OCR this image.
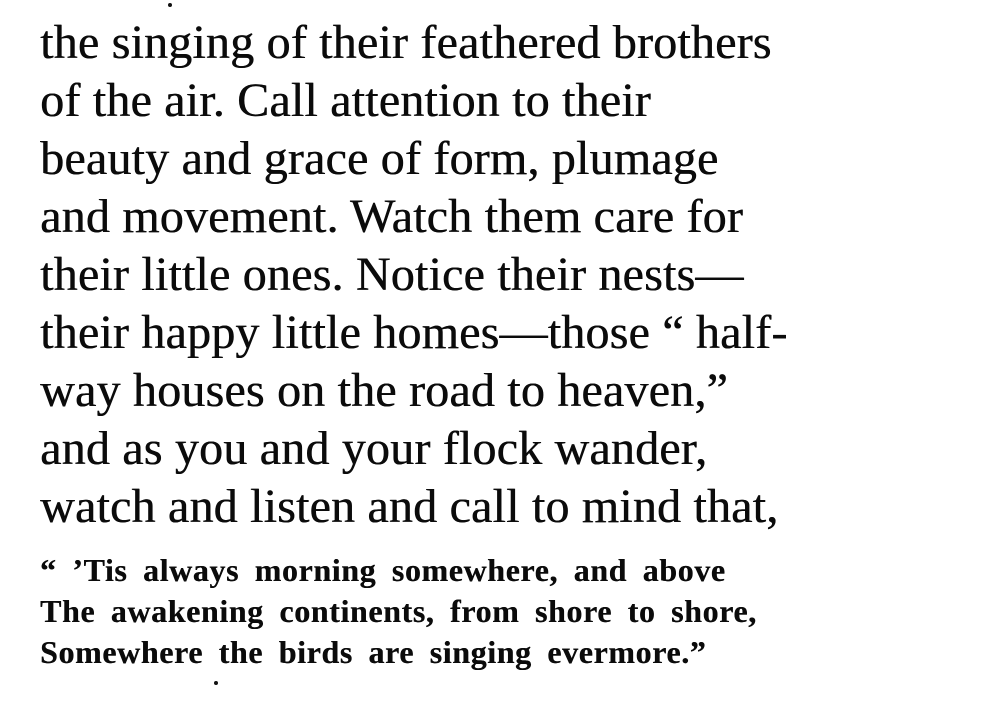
the singing of their feathered brothers
of the air. Call attention to their
beauty and grace of form, plumage
and movement. Watch them care for
their little ones. Notice their nests—
their happy little homes—those “ half-
way houses on the road to heaven,”
and as you and your flock wander,
watch and listen and call to mind that,
“ ’Tis always morning somewhere, and above
The awakening continents, from shore to shore,
Somewhere the birds are singing evermore.”
